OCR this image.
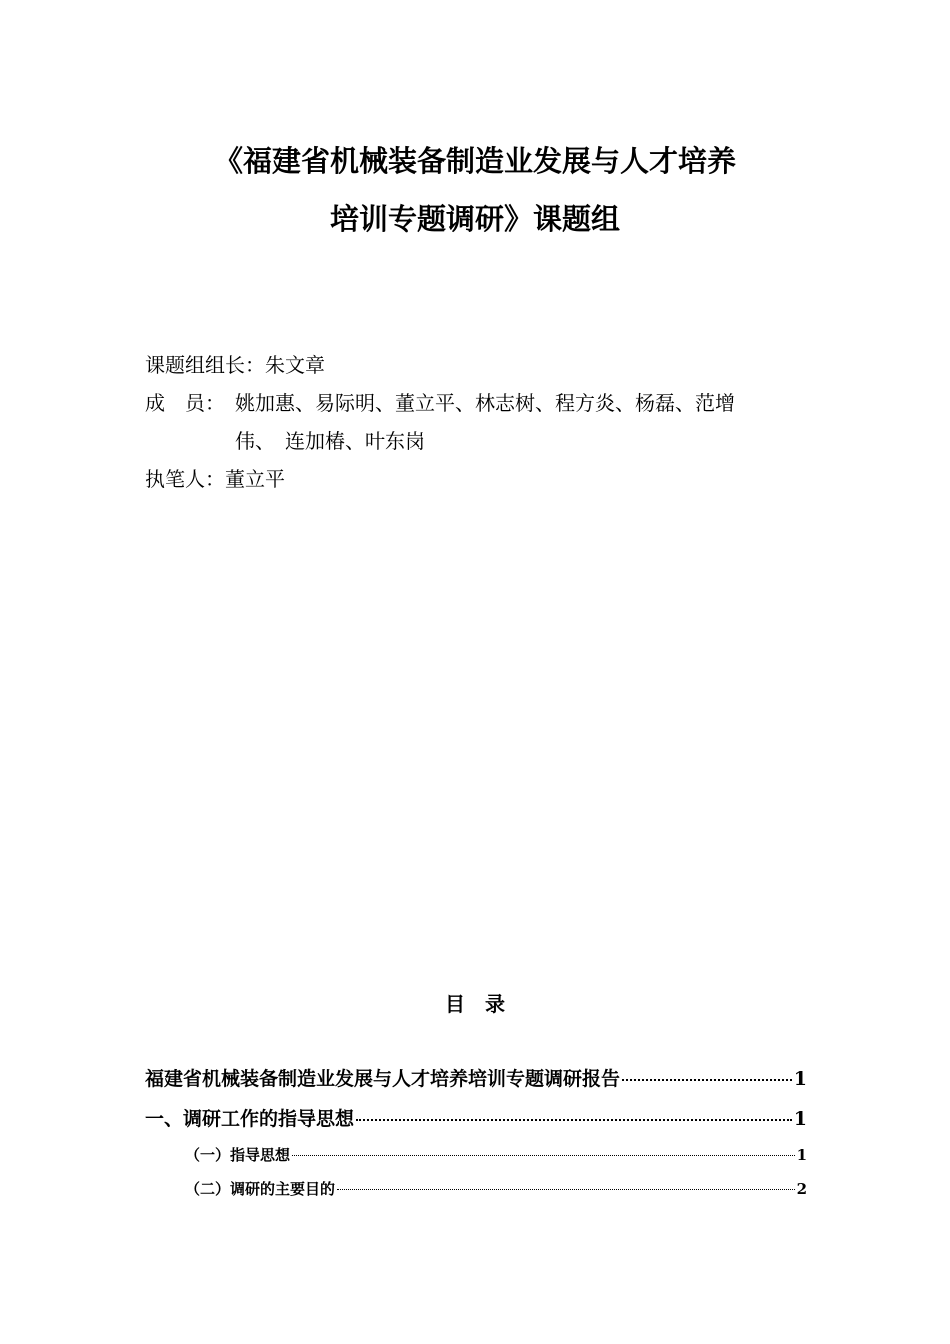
《福建省机械装备制造业发展与人才培养
培训专题调研》课题组
课题组组长： 朱文章
成　员： 姚加惠、易际明、董立平、林志树、程方炎、杨磊、范增
伟、　连加椿、叶东岗
执笔人： 董立平
目　录
福建省机械装备制造业发展与人才培养培训专题调研报告	1
一、调研工作的指导思想	1
（一）指导思想	1
（二）调研的主要目的	2
